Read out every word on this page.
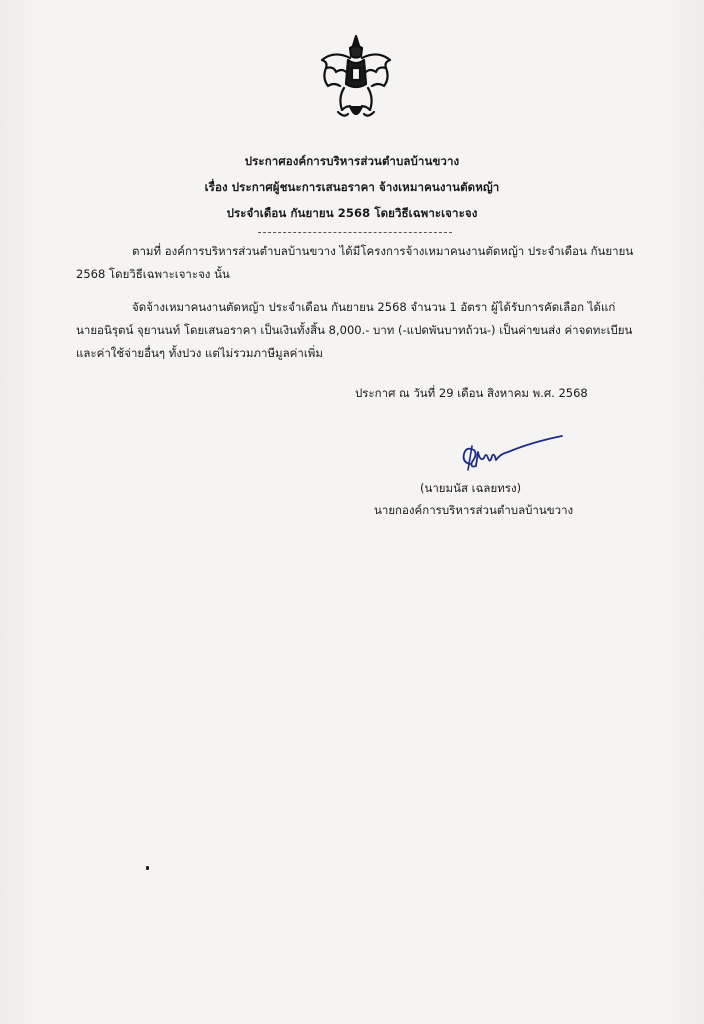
ประกาศองค์การบริหารส่วนตำบลบ้านขวาง
เรื่อง ประกาศผู้ชนะการเสนอราคา จ้างเหมาคนงานตัดหญ้า
ประจำเดือน กันยายน 2568 โดยวิธีเฉพาะเจาะจง

ตามที่ องค์การบริหารส่วนตำบลบ้านขวาง ได้มีโครงการจ้างเหมาคนงานตัดหญ้า ประจำเดือน กันยายน
2568 โดยวิธีเฉพาะเจาะจง นั้น

จัดจ้างเหมาคนงานตัดหญ้า ประจำเดือน กันยายน 2568 จำนวน 1 อัตรา ผู้ได้รับการคัดเลือก ได้แก่
นายอนิรุตน์ จุยานนท์ โดยเสนอราคา เป็นเงินทั้งสิ้น 8,000.- บาท (-แปดพันบาทถ้วน-) เป็นค่าขนส่ง ค่าจดทะเบียน
และค่าใช้จ่ายอื่นๆ ทั้งปวง แต่ไม่รวมภาษีมูลค่าเพิ่ม

ประกาศ ณ วันที่ 29 เดือน สิงหาคม พ.ศ. 2568
(นายมนัส เฉลยทรง)
นายกองค์การบริหารส่วนตำบลบ้านขวาง
